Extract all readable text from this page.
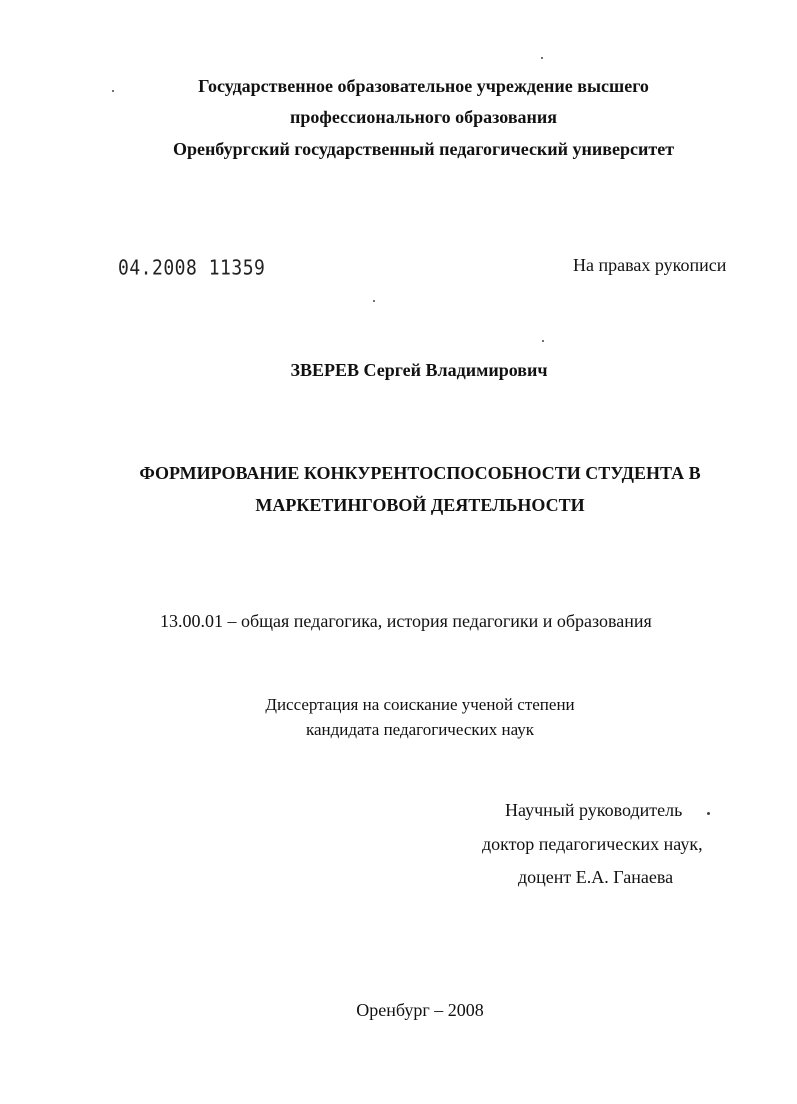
Государственное образовательное учреждение высшего
профессионального образования
Оренбургский государственный педагогический университет
04.2008 11359	На правах рукописи
ЗВЕРЕВ Сергей Владимирович
ФОРМИРОВАНИЕ КОНКУРЕНТОСПОСОБНОСТИ СТУДЕНТА В
МАРКЕТИНГОВОЙ ДЕЯТЕЛЬНОСТИ
13.00.01 – общая педагогика, история педагогики и образования
Диссертация на соискание ученой степени
кандидата педагогических наук
Научный руководитель
доктор педагогических наук,
доцент Е.А. Ганаева
Оренбург – 2008
